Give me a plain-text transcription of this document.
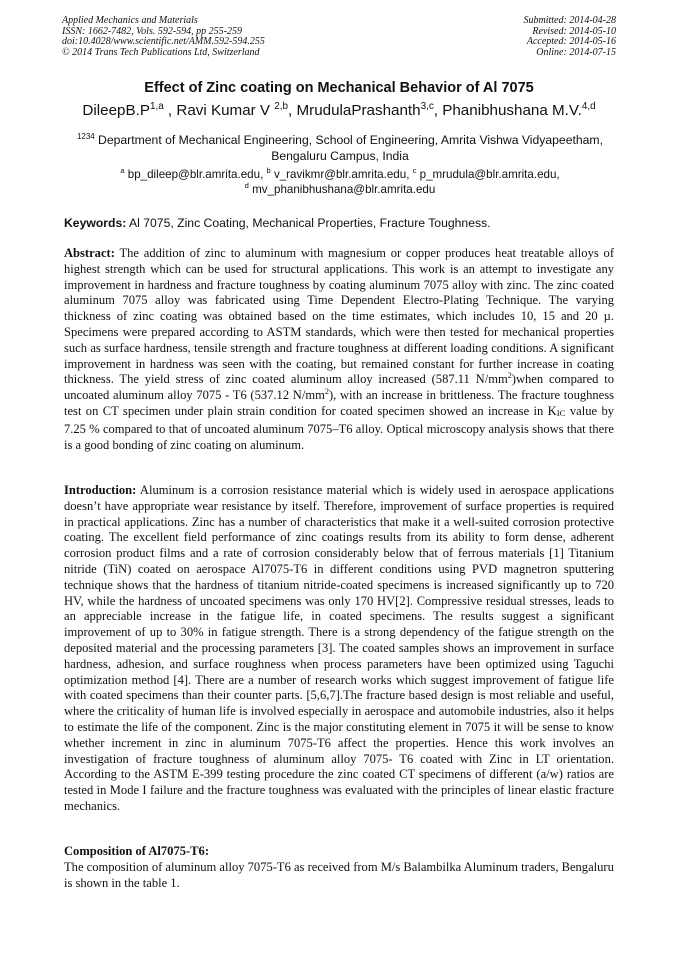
Applied Mechanics and Materials
ISSN: 1662-7482, Vols. 592-594, pp 255-259
doi:10.4028/www.scientific.net/AMM.592-594.255
© 2014 Trans Tech Publications Ltd, Switzerland
Submitted: 2014-04-28
Revised: 2014-05-10
Accepted: 2014-05-16
Online: 2014-07-15
Effect of Zinc coating on Mechanical Behavior of Al 7075
$DileepB.P^{1,a}$ , Ravi Kumar V $^{2,b}$, MrudulaPrashanth$^{3,c}$, Phanibhushana M.V.$^{4,d}$
$^{1234}$ Department of Mechanical Engineering, School of Engineering, Amrita Vishwa Vidyapeetham, Bengaluru Campus, India
$^a$ bp_dileep@blr.amrita.edu, $^b$ v_ravikmr@blr.amrita.edu, $^c$ p_mrudula@blr.amrita.edu,
$^d$ mv_phanibhushana@blr.amrita.edu
Keywords: Al 7075, Zinc Coating, Mechanical Properties, Fracture Toughness.

Abstract: The addition of zinc to aluminum with magnesium or copper produces heat treatable alloys of highest strength which can be used for structural applications. This work is an attempt to investigate any improvement in hardness and fracture toughness by coating aluminum 7075 alloy with zinc. The zinc coated aluminum 7075 alloy was fabricated using Time Dependent Electro-Plating Technique. The varying thickness of zinc coating was obtained based on the time estimates, which includes 10, 15 and 20 µ. Specimens were prepared according to ASTM standards, which were then tested for mechanical properties such as surface hardness, tensile strength and fracture toughness at different loading conditions. A significant improvement in hardness was seen with the coating, but remained constant for further increase in coating thickness. The yield stress of zinc coated aluminum alloy increased (587.11 $N/mm^2)when$ compared to uncoated aluminum alloy 7075 - T6 (537.12 $N/mm^2$), with an increase in brittleness. The fracture toughness test on CT specimen under plain strain condition for coated specimen showed an increase in KIC value by 7.25 % compared to that of uncoated aluminum 7075–T6 alloy. Optical microscopy analysis shows that there is a good bonding of zinc coating on aluminum.

Introduction: Aluminum is a corrosion resistance material which is widely used in aerospace applications doesn’t have appropriate wear resistance by itself. Therefore, improvement of surface properties is required in practical applications. Zinc has a number of characteristics that make it a well-suited corrosion protective coating. The excellent field performance of zinc coatings results from its ability to form dense, adherent corrosion product films and a rate of corrosion considerably below that of ferrous materials [1] Titanium nitride (TiN) coated on aerospace Al7075-T6 in different conditions using PVD magnetron sputtering technique shows that the hardness of titanium nitride-coated specimens is increased significantly up to 720 HV, while the hardness of uncoated specimens was only 170 HV[2]. Compressive residual stresses, leads to an appreciable increase in the fatigue life, in coated specimens. The results suggest a significant improvement of up to 30% in fatigue strength. There is a strong dependency of the fatigue strength on the deposited material and the processing parameters [3]. The coated samples shows an improvement in surface hardness, adhesion, and surface roughness when process parameters have been optimized using Taguchi optimization method [4]. There are a number of research works which suggest improvement of fatigue life with coated specimens than their counter parts. [5,6,7].The fracture based design is most reliable and useful, where the criticality of human life is involved especially in aerospace and automobile industries, also it helps to estimate the life of the component. Zinc is the major constituting element in 7075 it will be sense to know whether increment in zinc in aluminum 7075-T6 affect the properties. Hence this work involves an investigation of fracture toughness of aluminum alloy 7075- T6 coated with Zinc in LT orientation. According to the ASTM E-399 testing procedure the zinc coated CT specimens of different (a/w) ratios are tested in Mode I failure and the fracture toughness was evaluated with the principles of linear elastic fracture mechanics.

Composition of Al7075-T6:

The composition of aluminum alloy 7075-T6 as received from M/s Balambilka Aluminum traders, Bengaluru is shown in the table 1.
